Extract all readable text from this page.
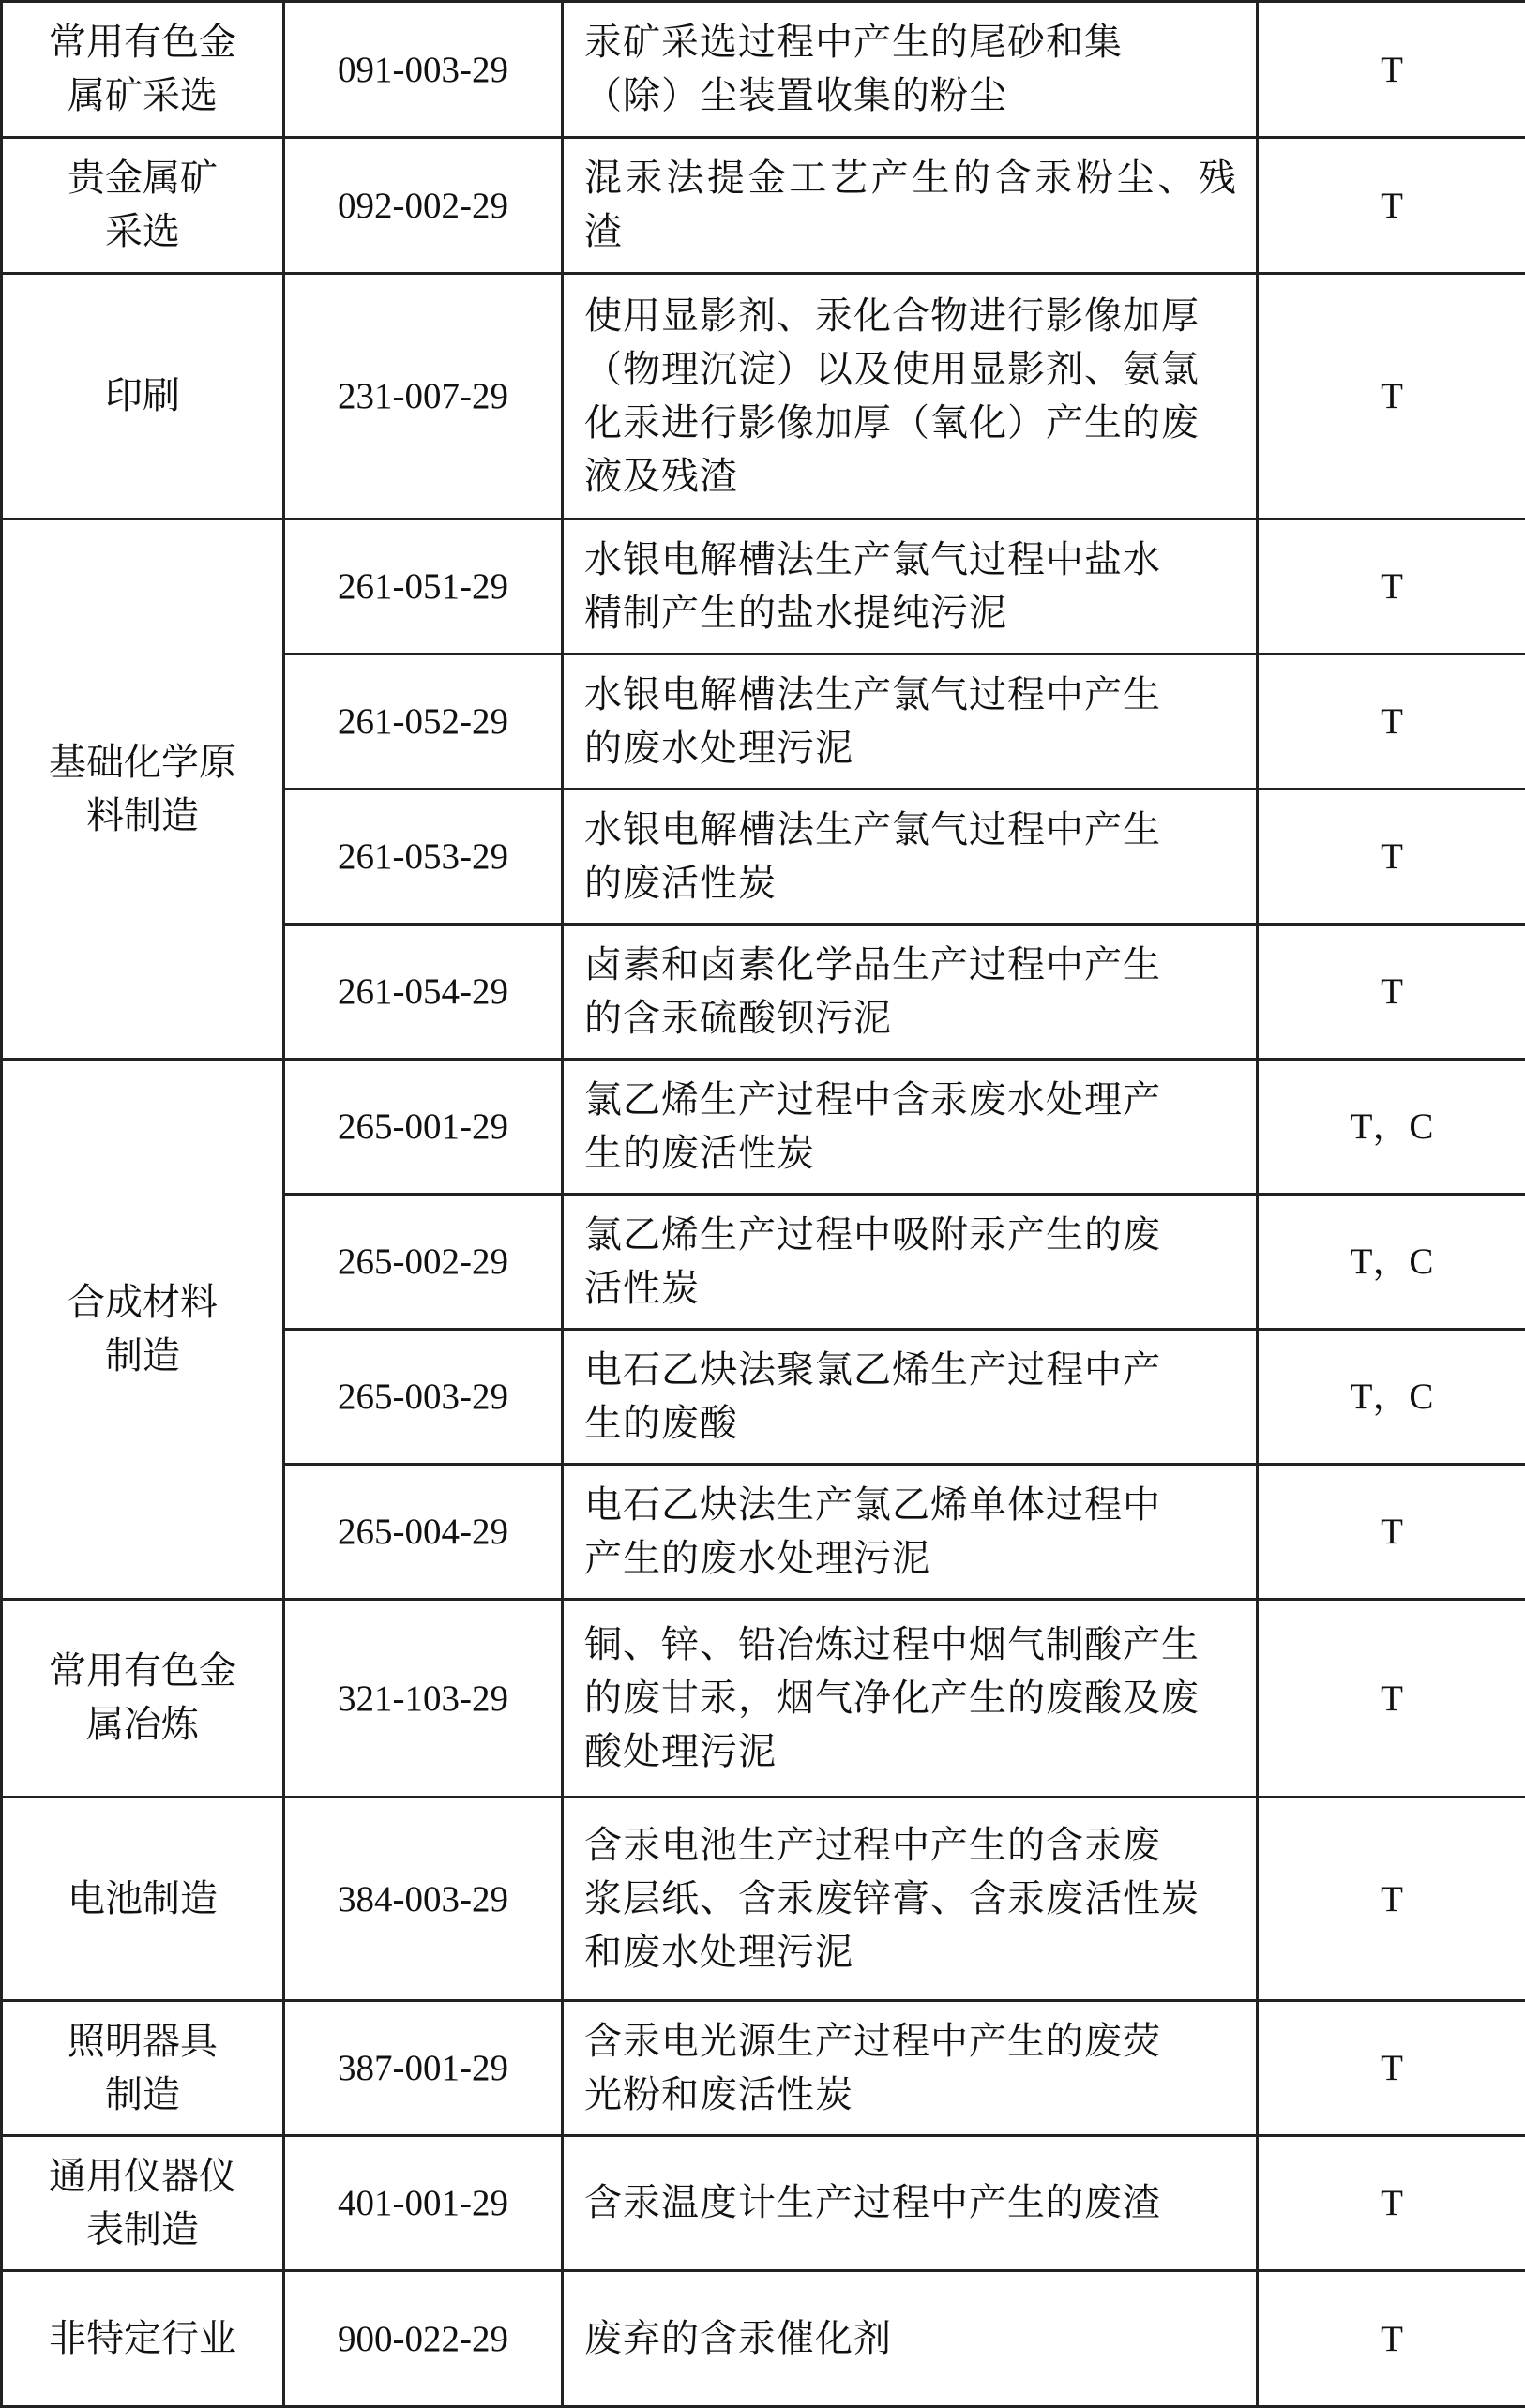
常用有色金
属矿采选	091-003-29	汞矿采选过程中产生的尾砂和集
（除）尘装置收集的粉尘	T

贵金属矿
采选	092-002-29	混汞法提金工艺产生的含汞粉尘、残渣	T

印刷	231-007-29	使用显影剂、汞化合物进行影像加厚
（物理沉淀）以及使用显影剂、氨氯
化汞进行影像加厚（氧化）产生的废
液及残渣	T

基础化学原
料制造	261-051-29	水银电解槽法生产氯气过程中盐水
精制产生的盐水提纯污泥	T
	261-052-29	水银电解槽法生产氯气过程中产生
的废水处理污泥	T
	261-053-29	水银电解槽法生产氯气过程中产生
的废活性炭	T
	261-054-29	卤素和卤素化学品生产过程中产生
的含汞硫酸钡污泥	T

合成材料
制造	265-001-29	氯乙烯生产过程中含汞废水处理产
生的废活性炭	T，C
	265-002-29	氯乙烯生产过程中吸附汞产生的废
活性炭	T，C
	265-003-29	电石乙炔法聚氯乙烯生产过程中产
生的废酸	T，C
	265-004-29	电石乙炔法生产氯乙烯单体过程中
产生的废水处理污泥	T

常用有色金
属冶炼	321-103-29	铜、锌、铅冶炼过程中烟气制酸产生
的废甘汞，烟气净化产生的废酸及废
酸处理污泥	T

电池制造	384-003-29	含汞电池生产过程中产生的含汞废
浆层纸、含汞废锌膏、含汞废活性炭
和废水处理污泥	T

照明器具
制造	387-001-29	含汞电光源生产过程中产生的废荧
光粉和废活性炭	T

通用仪器仪
表制造	401-001-29	含汞温度计生产过程中产生的废渣	T

非特定行业	900-022-29	废弃的含汞催化剂	T
